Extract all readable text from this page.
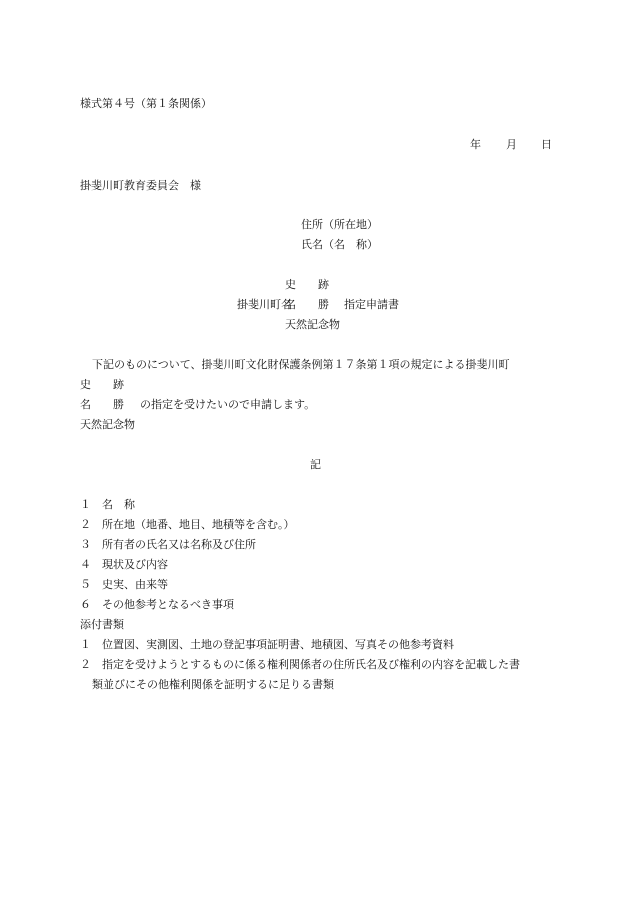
様式第４号（第１条関係）
年 月 日
掛斐川町教育委員会　様
住所（所在地）
氏名（名　称）
史　　跡
掛斐川町名
名　　勝 指定申請書
天然記念物
下記のものについて、掛斐川町文化財保護条例第１７条第１項の規定による掛斐川町
史　　跡
名　　勝 の指定を受けたいので申請します。
天然記念物
記
１ 名　称
２ 所在地（地番、地目、地積等を含む。）
３ 所有者の氏名又は名称及び住所
４ 現状及び内容
５ 史実、由来等
６ その他参考となるべき事項
添付書類
１ 位置図、実測図、土地の登記事項証明書、地積図、写真その他参考資料
２ 指定を受けようとするものに係る権利関係者の住所氏名及び権利の内容を記載した書
類並びにその他権利関係を証明するに足りる書類
